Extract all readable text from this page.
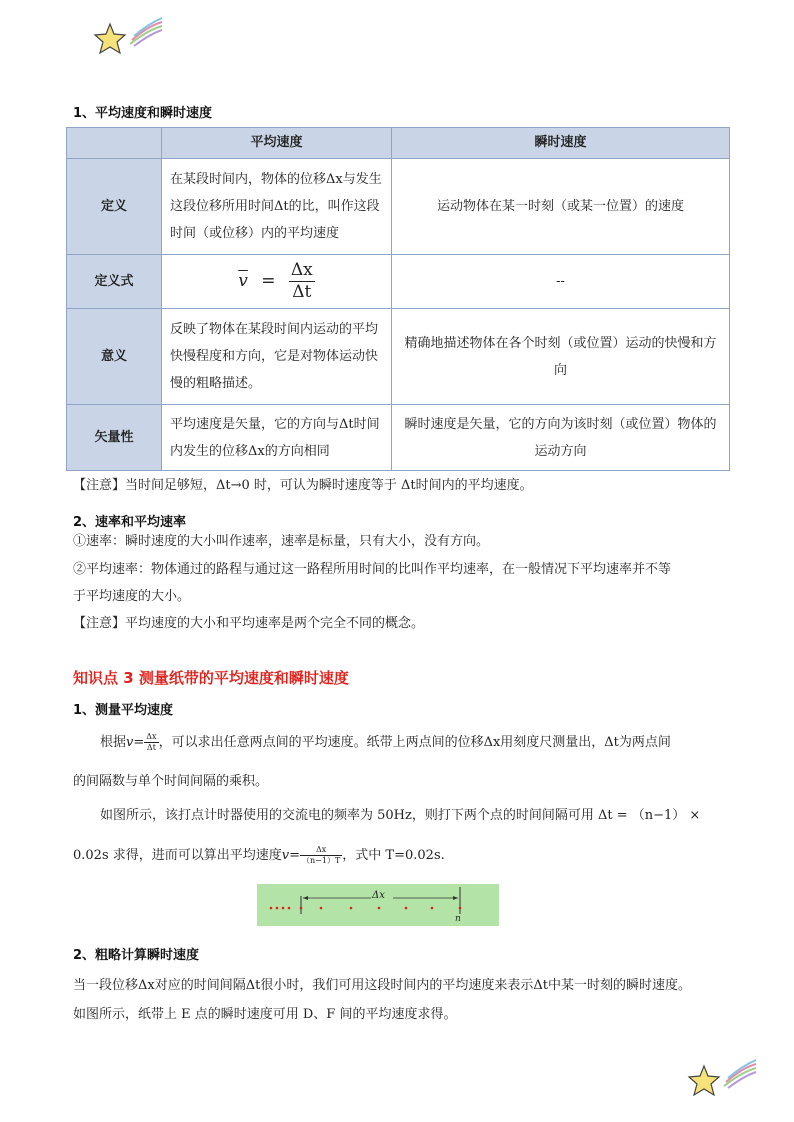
1、平均速度和瞬时速度
	平均速度	瞬时速度
定义	在某段时间内，物体的位移Δx与发生这段位移所用时间Δt的比，叫作这段时间（或位移）内的平均速度	运动物体在某一时刻（或某一位置）的速度
定义式	$\overline{v} = \frac{\Delta x}{\Delta t}$	--
意义	反映了物体在某段时间内运动的平均快慢程度和方向，它是对物体运动快慢的粗略描述。	精确地描述物体在各个时刻（或位置）运动的快慢和方向
矢量性	平均速度是矢量，它的方向与Δt时间内发生的位移Δx的方向相同	瞬时速度是矢量，它的方向为该时刻（或位置）物体的运动方向
【注意】当时间足够短，Δt→0 时，可认为瞬时速度等于 Δt时间内的平均速度。
2、速率和平均速率
①速率：瞬时速度的大小叫作速率，速率是标量，只有大小，没有方向。
②平均速率：物体通过的路程与通过这一路程所用时间的比叫作平均速率，在一般情况下平均速率并不等
于平均速度的大小。
【注意】平均速度的大小和平均速率是两个完全不同的概念。
知识点 3 测量纸带的平均速度和瞬时速度
1、测量平均速度
根据$v= \frac{\Delta x}{\Delta t}$ ，可以求出任意两点间的平均速度。纸带上两点间的位移Δx用刻度尺测量出，Δt为两点间
的间隔数与单个时间间隔的乘积。
如图所示，该打点计时器使用的交流电的频率为 50Hz，则打下两个点的时间间隔可用 Δt = （n−1） ×
0.02s 求得，进而可以算出平均速度$v= \frac{\Delta x}{(n-1)T}$ ，式中 T=0.02s.
Δx
n
2、粗略计算瞬时速度
当一段位移Δx对应的时间间隔Δt很小时，我们可用这段时间内的平均速度来表示Δt中某一时刻的瞬时速度。
如图所示，纸带上 E 点的瞬时速度可用 D、F 间的平均速度求得。
